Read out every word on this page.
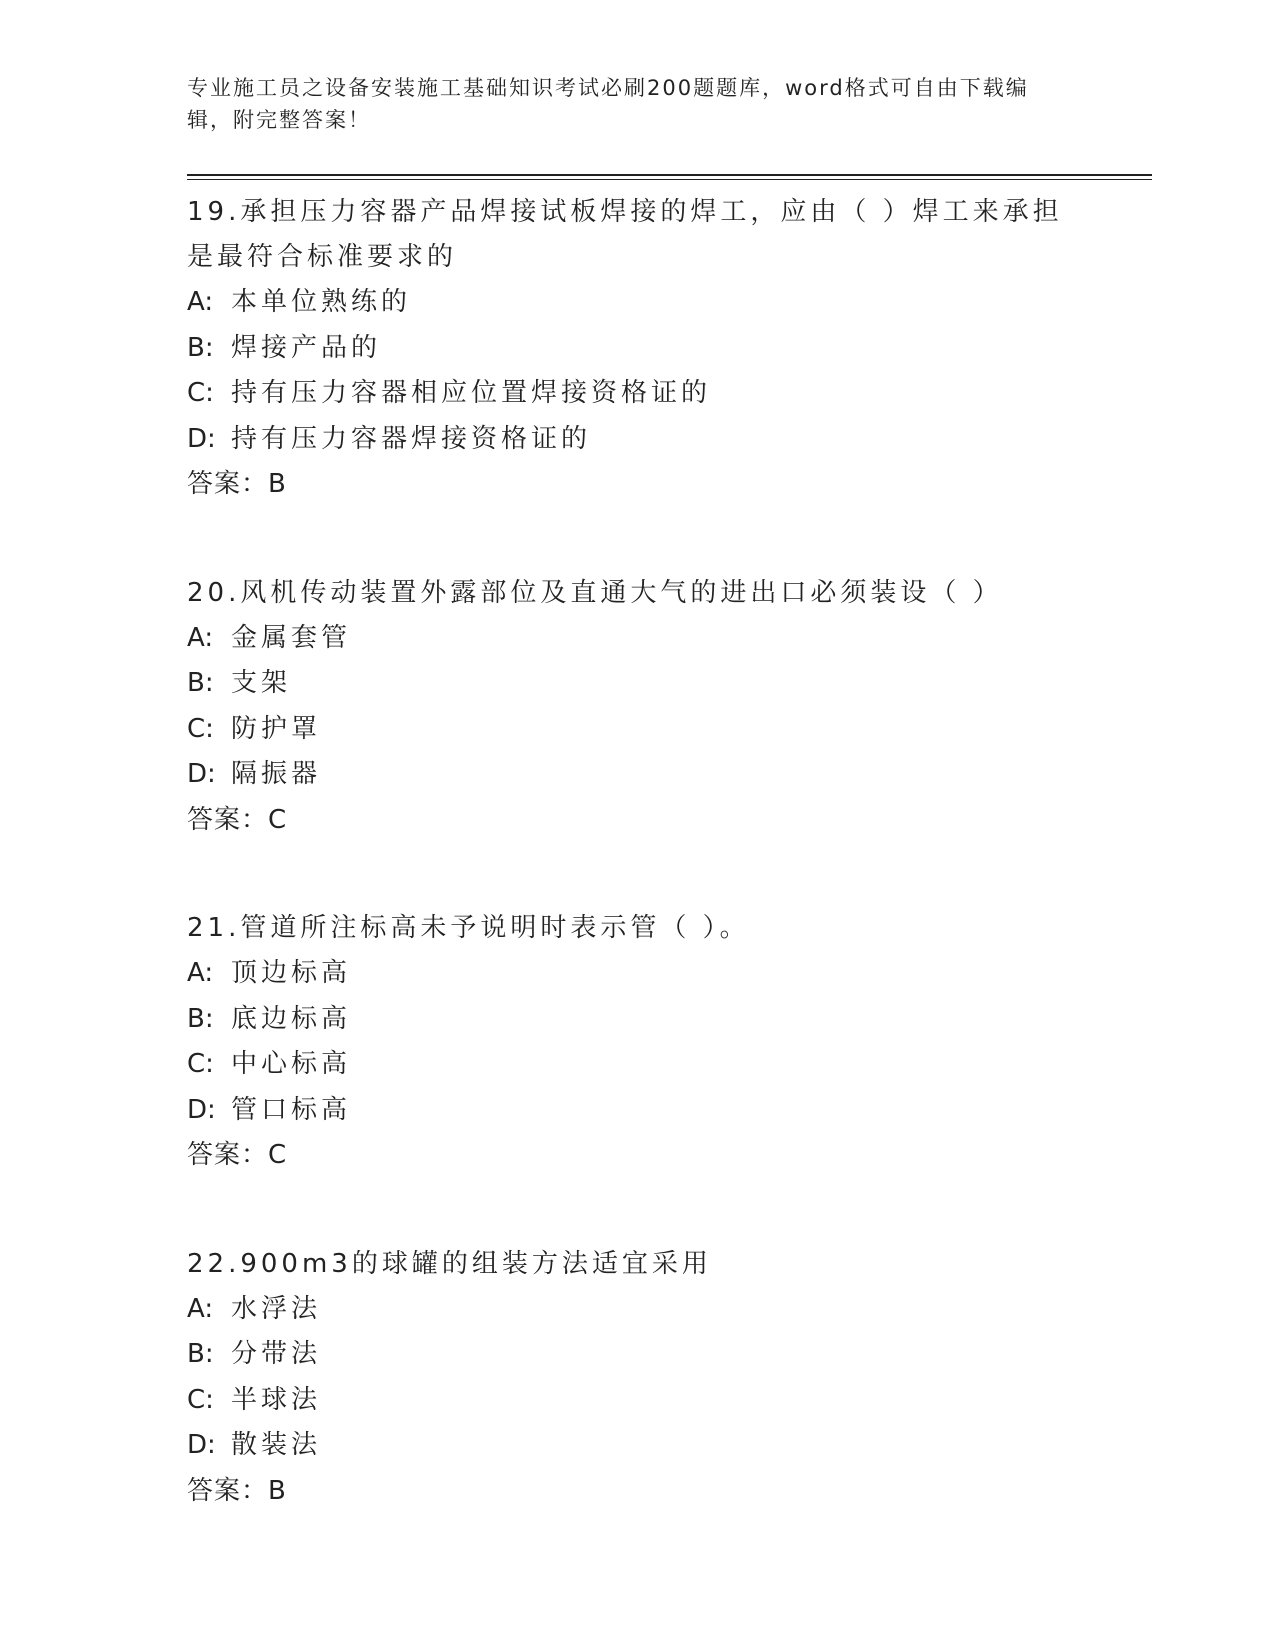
专业施工员之设备安装施工基础知识考试必刷200题题库，word格式可自由下载编辑，附完整答案！

19.承担压力容器产品焊接试板焊接的焊工，应由（ ）焊工来承担是最符合标准要求的

A: 本单位熟练的

B: 焊接产品的

C: 持有压力容器相应位置焊接资格证的

D: 持有压力容器焊接资格证的

答案：B

20.风机传动装置外露部位及直通大气的进出口必须装设（ ）

A: 金属套管

B: 支架

C: 防护罩

D: 隔振器

答案：C

21.管道所注标高未予说明时表示管（ ）。

A: 顶边标高

B: 底边标高

C: 中心标高

D: 管口标高

答案：C

22.900m3的球罐的组装方法适宜采用

A: 水浮法

B: 分带法

C: 半球法

D: 散装法

答案：B
